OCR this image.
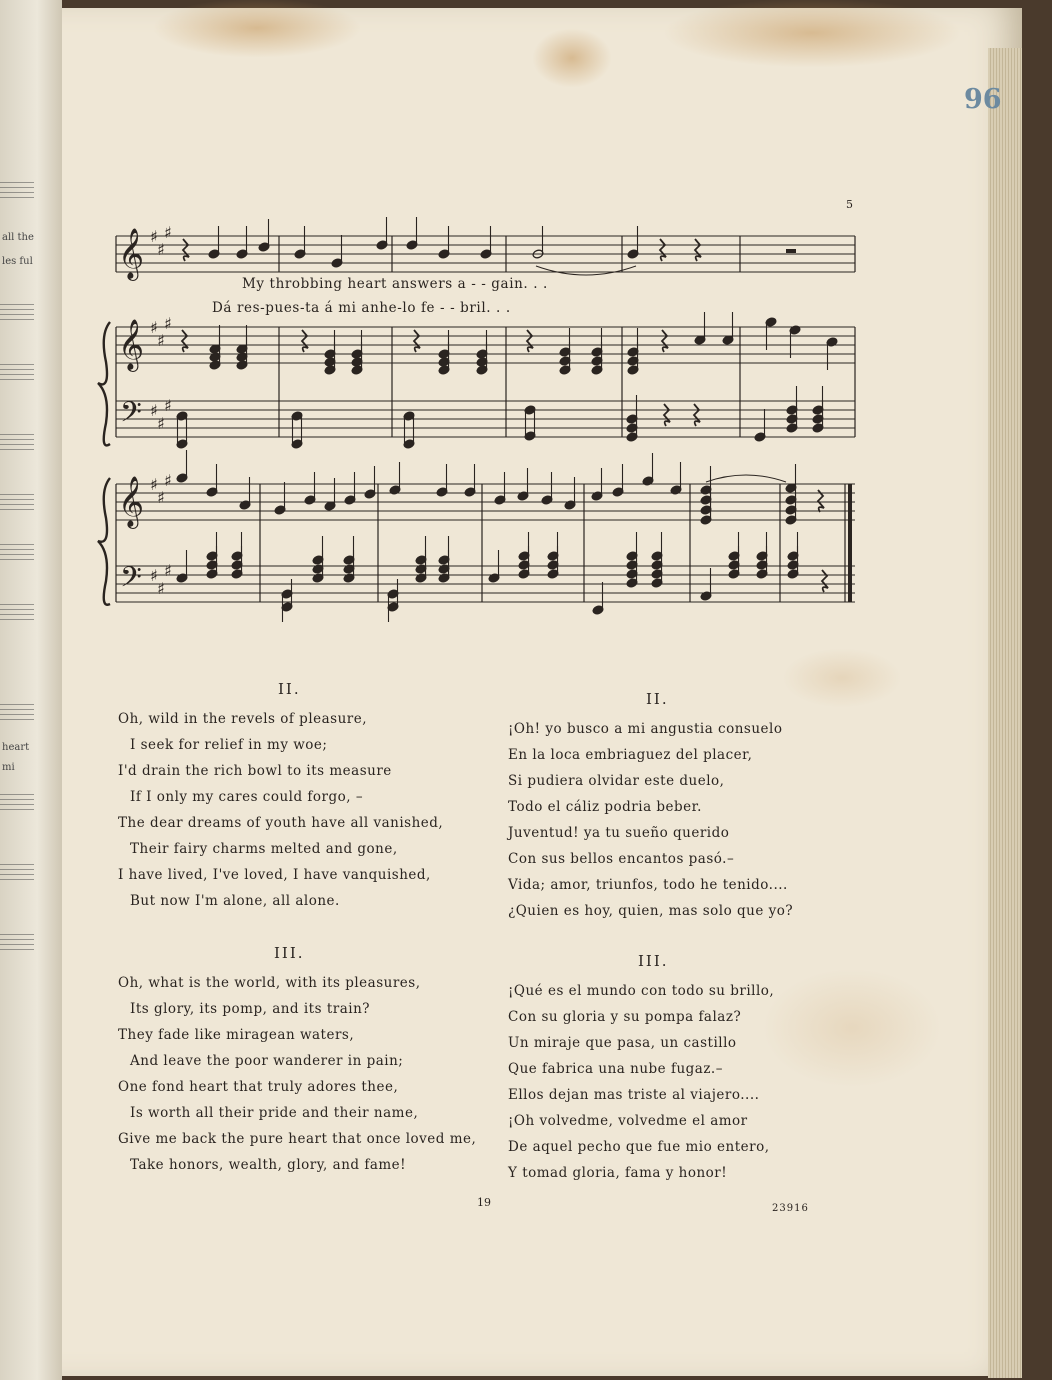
all the
les ful
heart
mi
96
5
𝄞 ♯
♯
♯
𝄞 ♯
♯
♯
𝄢 ♯
♯
♯
𝄞 ♯
♯
♯
𝄢 ♯
♯
♯
My throbbing heart answers a - - gain. . .
Dá res-pues-ta á mi anhe-lo fe - - bril. . .
II.
Oh, wild in the revels of pleasure,
I seek for relief in my woe;
I'd drain the rich bowl to its measure
If I only my cares could forgo, –
The dear dreams of youth have all vanished,
Their fairy charms melted and gone,
I have lived, I've loved, I have vanquished,
But now I'm alone, all alone.
III.
Oh, what is the world, with its pleasures,
Its glory, its pomp, and its train?
They fade like miragean waters,
And leave the poor wanderer in pain;
One fond heart that truly adores thee,
Is worth all their pride and their name,
Give me back the pure heart that once loved me,
Take honors, wealth, glory, and fame!
II.
¡Oh! yo busco a mi angustia consuelo
En la loca embriaguez del placer,
Si pudiera olvidar este duelo,
Todo el cáliz podria beber.
Juventud! ya tu sueño querido
Con sus bellos encantos pasó.–
Vida; amor, triunfos, todo he tenido....
¿Quien es hoy, quien, mas solo que yo?
III.
¡Qué es el mundo con todo su brillo,
Con su gloria y su pompa falaz?
Un miraje que pasa, un castillo
Que fabrica una nube fugaz.–
Ellos dejan mas triste al viajero....
¡Oh volvedme, volvedme el amor
De aquel pecho que fue mio entero,
Y tomad gloria, fama y honor!
19	23916
